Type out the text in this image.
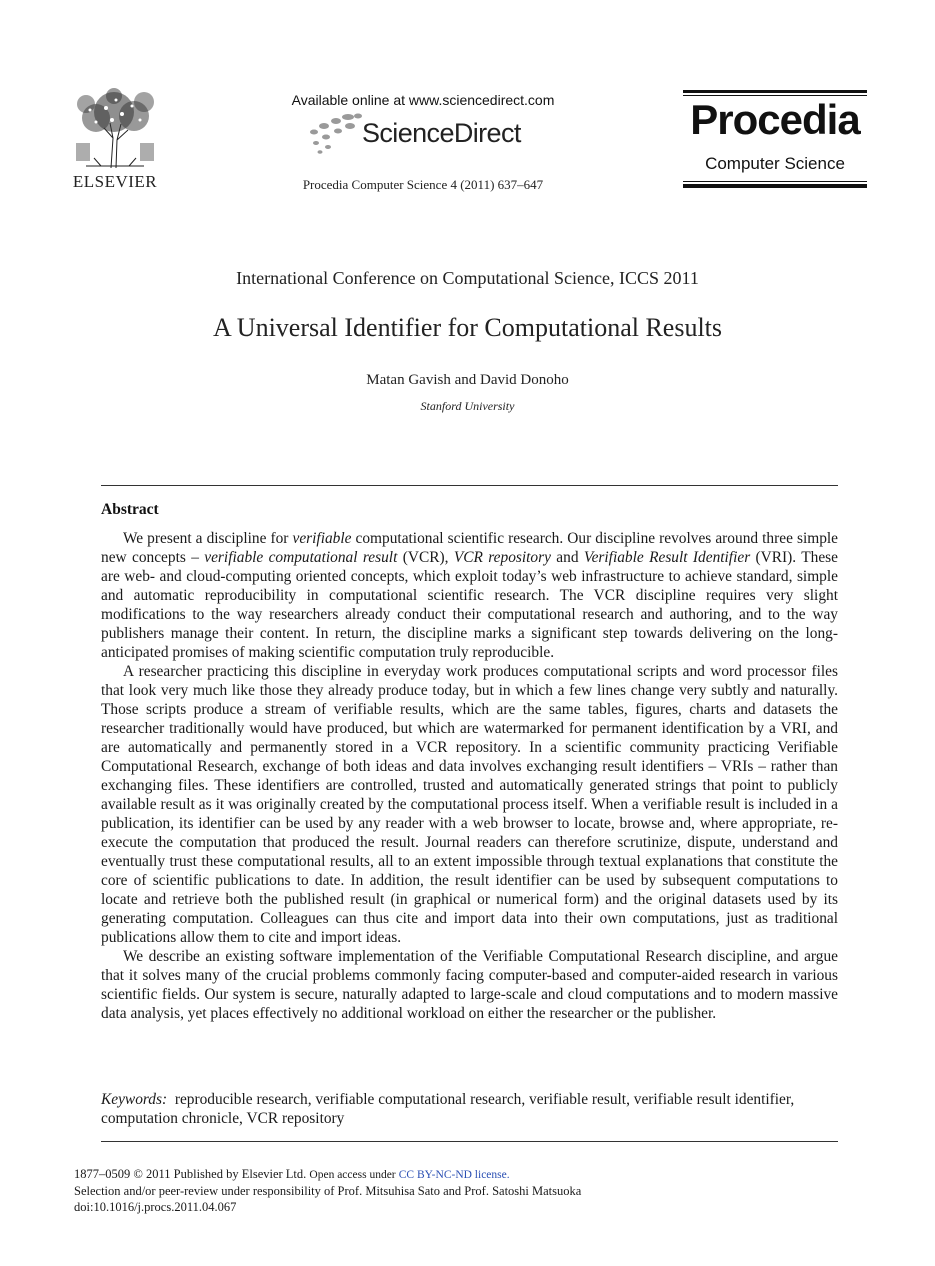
ELSEVIER
Available online at www.sciencedirect.com
ScienceDirect
Procedia Computer Science 4 (2011) 637–647
Procedia
Computer Science
International Conference on Computational Science, ICCS 2011
A Universal Identifier for Computational Results
Matan Gavish and David Donoho
Stanford University
Abstract

We present a discipline for verifiable computational scientific research. Our discipline revolves around three simple new concepts – verifiable computational result (VCR), VCR repository and Verifiable Result Identifier (VRI). These are web- and cloud-computing oriented concepts, which exploit today’s web infrastructure to achieve standard, simple and automatic reproducibility in computational scientific research. The VCR discipline requires very slight modifications to the way researchers already conduct their computational research and authoring, and to the way publishers manage their content. In return, the discipline marks a significant step towards delivering on the long-anticipated promises of making scientific computation truly reproducible.

A researcher practicing this discipline in everyday work produces computational scripts and word processor files that look very much like those they already produce today, but in which a few lines change very subtly and naturally. Those scripts produce a stream of verifiable results, which are the same tables, figures, charts and datasets the researcher traditionally would have produced, but which are watermarked for permanent identification by a VRI, and are automatically and permanently stored in a VCR repository. In a scientific community practicing Verifiable Computational Research, exchange of both ideas and data involves exchanging result identifiers – VRIs – rather than exchanging files. These identifiers are controlled, trusted and automatically generated strings that point to publicly available result as it was originally created by the computational process itself. When a verifiable result is included in a publication, its identifier can be used by any reader with a web browser to locate, browse and, where appropriate, re-execute the computation that produced the result. Journal readers can therefore scrutinize, dispute, understand and eventually trust these computational results, all to an extent impossible through textual explanations that constitute the core of scientific publications to date. In addition, the result identifier can be used by subsequent computations to locate and retrieve both the published result (in graphical or numerical form) and the original datasets used by its generating computation. Colleagues can thus cite and import data into their own computations, just as traditional publications allow them to cite and import ideas.

We describe an existing software implementation of the Verifiable Computational Research discipline, and argue that it solves many of the crucial problems commonly facing computer-based and computer-aided research in various scientific fields. Our system is secure, naturally adapted to large-scale and cloud computations and to modern massive data analysis, yet places effectively no additional workload on either the researcher or the publisher.

Keywords: reproducible research, verifiable computational research, verifiable result, verifiable result identifier, computation chronicle, VCR repository
1877–0509 © 2011 Published by Elsevier Ltd. Open access under CC BY-NC-ND license.
Selection and/or peer-review under responsibility of Prof. Mitsuhisa Sato and Prof. Satoshi Matsuoka
doi:10.1016/j.procs.2011.04.067
